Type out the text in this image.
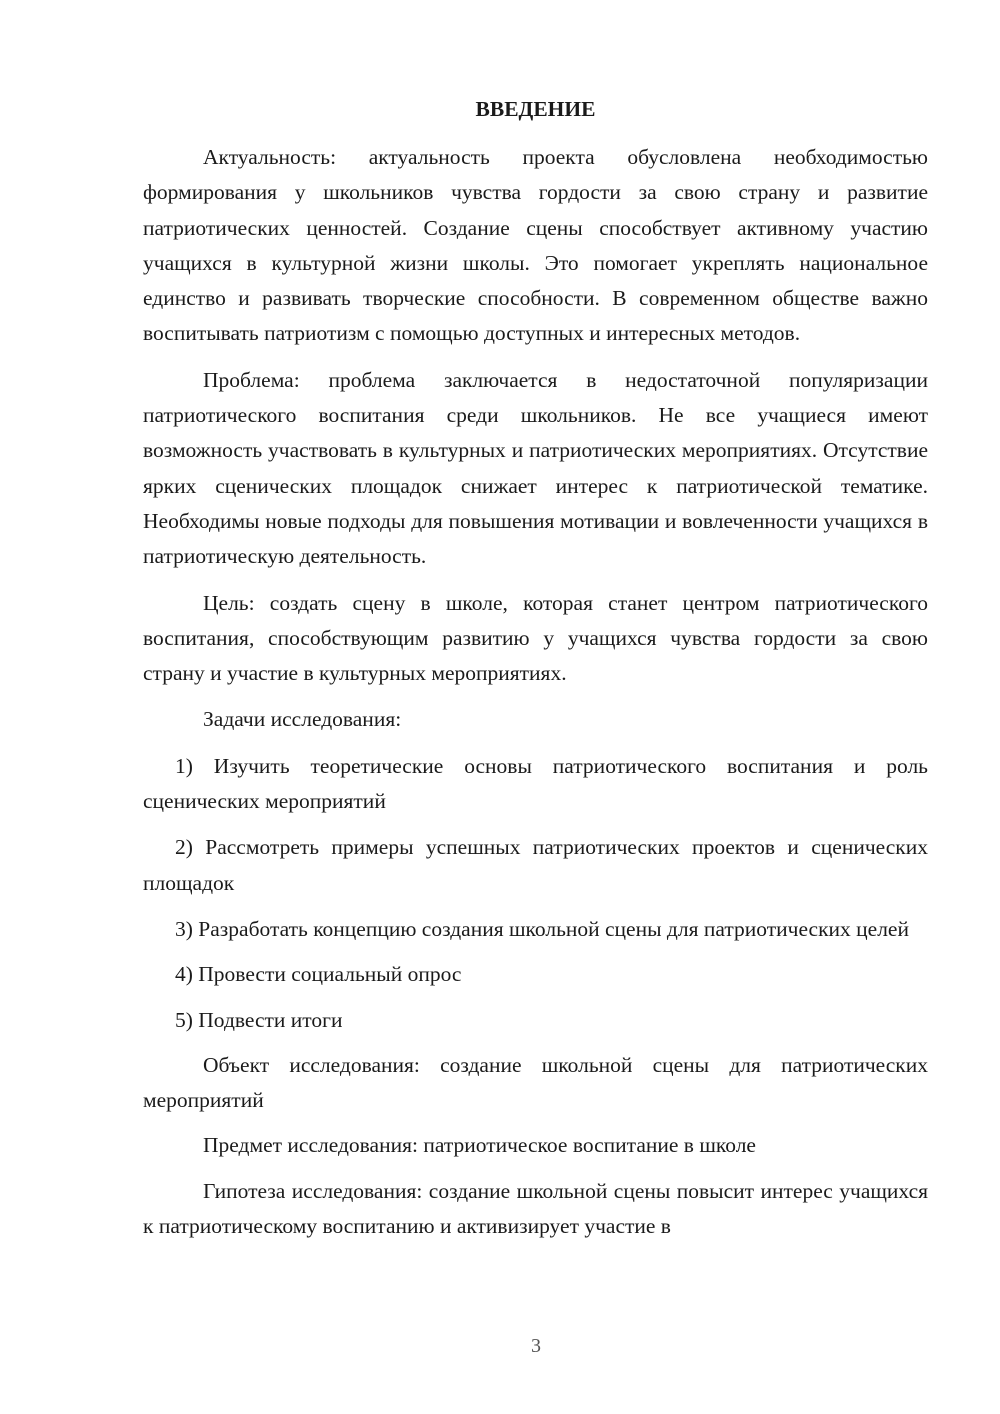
ВВЕДЕНИЕ

Актуальность: актуальность проекта обусловлена необходимостью формирования у школьников чувства гордости за свою страну и развитие патриотических ценностей. Создание сцены способствует активному участию учащихся в культурной жизни школы. Это помогает укреплять национальное единство и развивать творческие способности. В современном обществе важно воспитывать патриотизм с помощью доступных и интересных методов.

Проблема: проблема заключается в недостаточной популяризации патриотического воспитания среди школьников. Не все учащиеся имеют возможность участвовать в культурных и патриотических мероприятиях. Отсутствие ярких сценических площадок снижает интерес к патриотической тематике. Необходимы новые подходы для повышения мотивации и вовлеченности учащихся в патриотическую деятельность.

Цель: создать сцену в школе, которая станет центром патриотического воспитания, способствующим развитию у учащихся чувства гордости за свою страну и участие в культурных мероприятиях.

Задачи исследования:

1) Изучить теоретические основы патриотического воспитания и роль сценических мероприятий

2) Рассмотреть примеры успешных патриотических проектов и сценических площадок

3) Разработать концепцию создания школьной сцены для патриотических целей

4) Провести социальный опрос

5) Подвести итоги

Объект исследования: создание школьной сцены для патриотических мероприятий

Предмет исследования: патриотическое воспитание в школе

Гипотеза исследования: создание школьной сцены повысит интерес учащихся к патриотическому воспитанию и активизирует участие в

3
